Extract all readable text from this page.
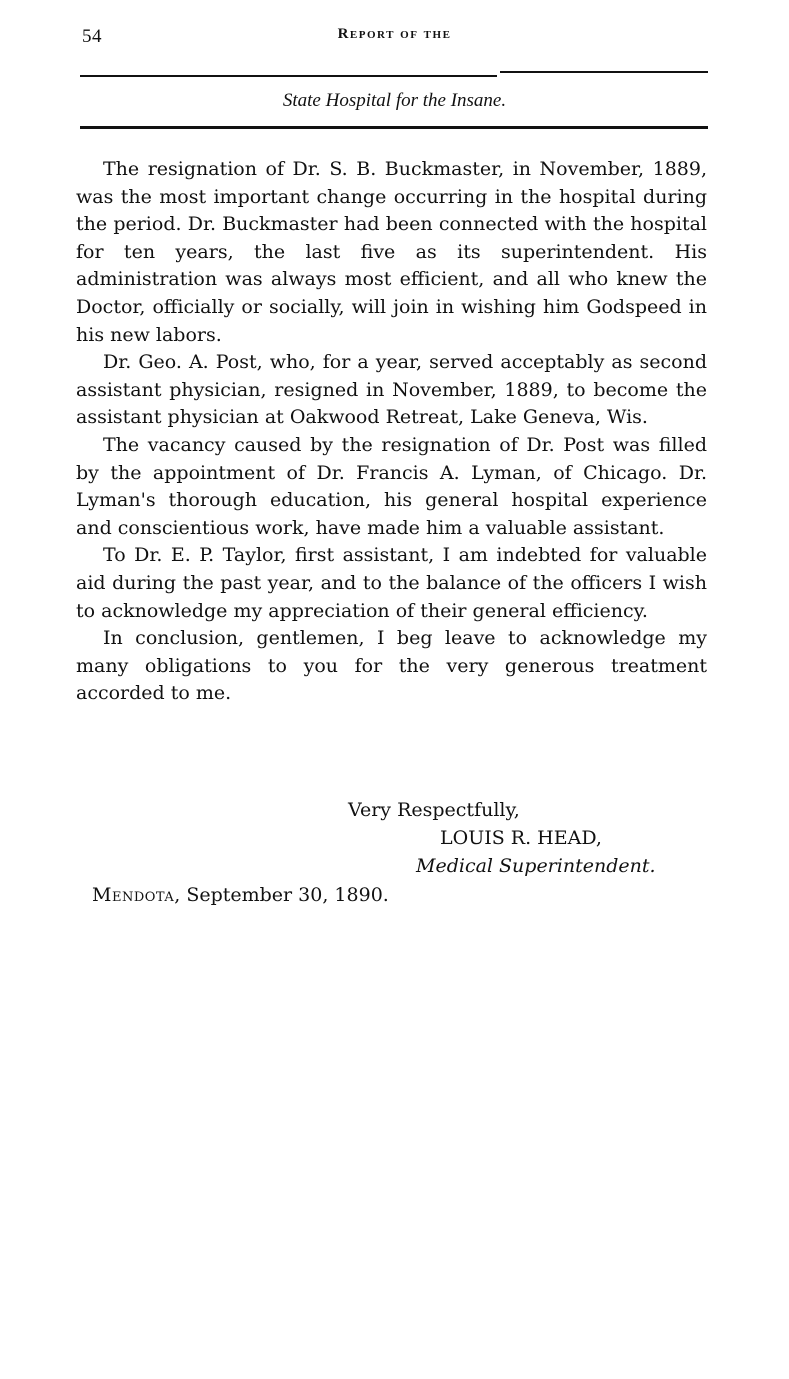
54	Report of the
State Hospital for the Insane.

The resignation of Dr. S. B. Buckmaster, in November, 1889, was the most important change occurring in the hospital during the period. Dr. Buckmaster had been connected with the hospital for ten years, the last five as its superintendent. His administration was always most efficient, and all who knew the Doctor, officially or socially, will join in wishing him Godspeed in his new labors.

Dr. Geo. A. Post, who, for a year, served acceptably as second assistant physician, resigned in November, 1889, to become the assistant physician at Oakwood Retreat, Lake Geneva, Wis.

The vacancy caused by the resignation of Dr. Post was filled by the appointment of Dr. Francis A. Lyman, of Chicago. Dr. Lyman's thorough education, his general hospital experience and conscientious work, have made him a valuable assistant.

To Dr. E. P. Taylor, first assistant, I am indebted for valuable aid during the past year, and to the balance of the officers I wish to acknowledge my appreciation of their general efficiency.

In conclusion, gentlemen, I beg leave to acknowledge my many obligations to you for the very generous treatment accorded to me.

Very Respectfully,
LOUIS R. HEAD,
Medical Superintendent.
Mendota, September 30, 1890.
